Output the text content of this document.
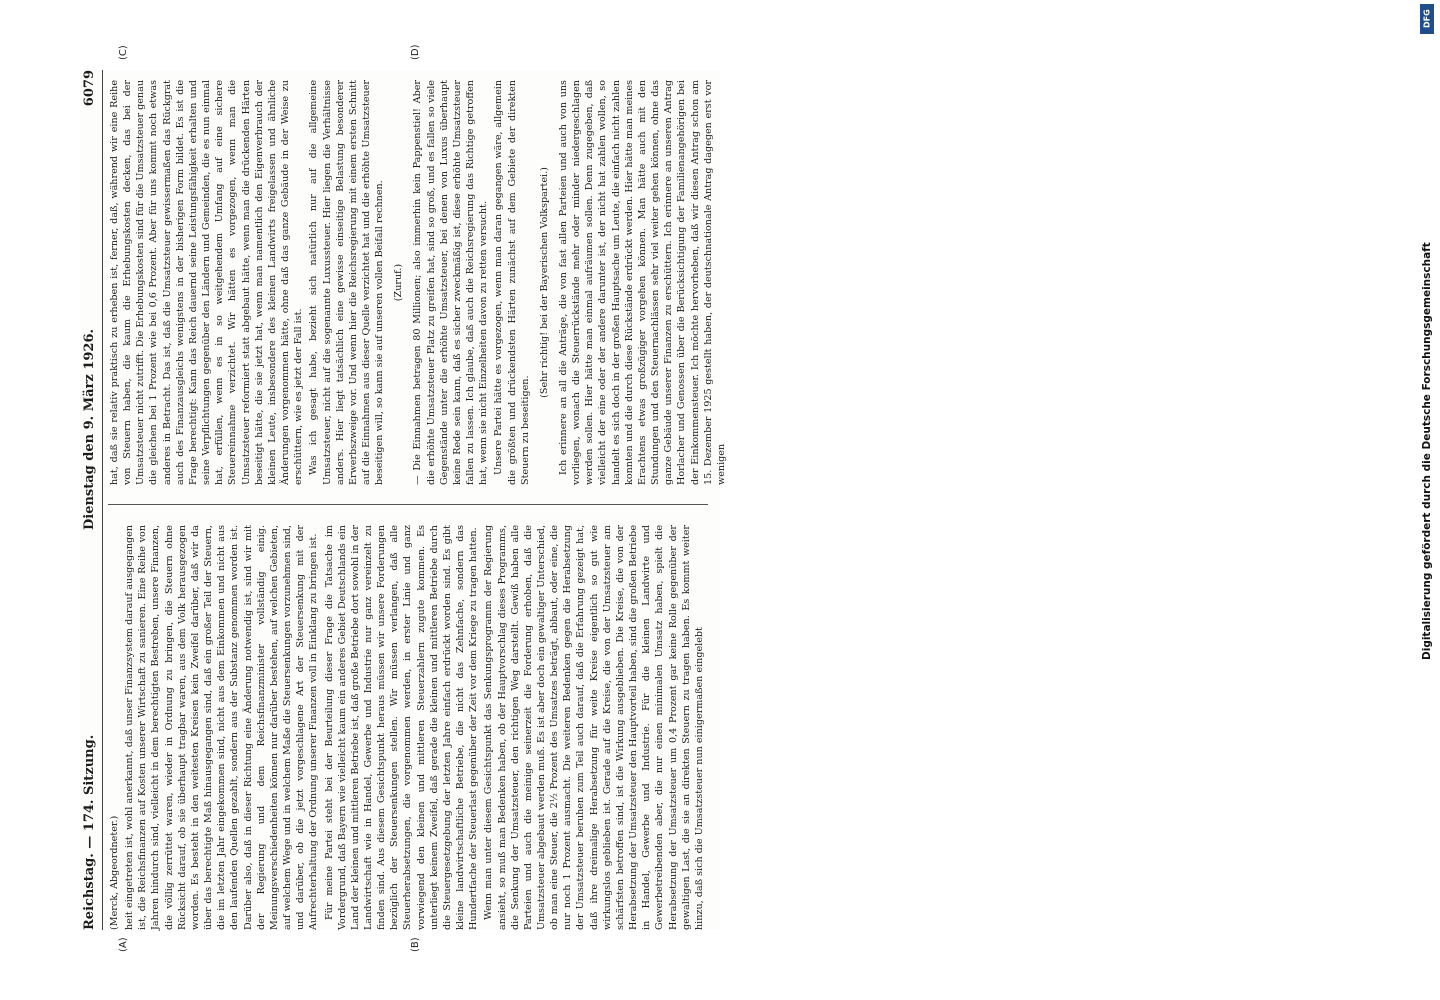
Reichstag. — 174. Sitzung.
Dienstag den 9. März 1926.
6079
(A)	(B)
(C)	(D)

(Merck, Abgeordneter.) heit eingetreten ist, wohl anerkannt, daß unser Finanzsystem darauf ausgegangen ist, die Reichsfinanzen auf Kosten unserer Wirtschaft zu sanieren. Eine Reihe von Jahren hindurch sind, vielleicht in dem berechtigten Bestreben, unsere Finanzen, die völlig zerrüttet waren, wieder in Ordnung zu bringen, die Steuern ohne Rücksicht darauf, ob sie überhaupt tragbar waren, aus dem Volk herausgezogen worden. Es besteht in den weitesten Kreisen kein Zweifel darüber, daß wir da über das berechtigte Maß hinausgegangen sind, daß ein großer Teil der Steuern, die im letzten Jahr eingekommen sind, nicht aus dem Einkommen und nicht aus den laufenden Quellen gezahlt, sondern aus der Substanz genommen worden ist. Darüber also, daß in dieser Richtung eine Änderung notwendig ist, sind wir mit der Regierung und dem Reichsfinanzminister vollständig einig. Meinungsverschiedenheiten können nur darüber bestehen, auf welchen Gebieten, auf welchem Wege und in welchem Maße die Steuersenkungen vorzunehmen sind, und darüber, ob die jetzt vorgeschlagene Art der Steuersenkung mit der Aufrechterhaltung der Ordnung unserer Finanzen voll in Einklang zu bringen ist. Für meine Partei steht bei der Beurteilung dieser Frage die Tatsache im Vordergrund, daß Bayern wie vielleicht kaum ein anderes Gebiet Deutschlands ein Land der kleinen und mittleren Betriebe ist, daß große Betriebe dort sowohl in der Landwirtschaft wie in Handel, Gewerbe und Industrie nur ganz vereinzelt zu finden sind. Aus diesem Gesichtspunkt heraus müssen wir unsere Forderungen bezüglich der Steuersenkungen stellen. Wir müssen verlangen, daß alle Steuerherabsetzungen, die vorgenommen werden, in erster Linie und ganz vorwiegend den kleinen und mittleren Steuerzahlern zugute kommen. Es unterliegt keinem Zweifel, daß gerade die kleinen und mittleren Betriebe durch die Steuergesetzgebung der letzten Jahre einfach erdrückt worden sind. Es gibt kleine landwirtschaftliche Betriebe, die nicht das Zehnfache, sondern das Hundertfache der Steuerlast gegenüber der Zeit vor dem Kriege zu tragen hatten. Wenn man unter diesem Gesichtspunkt das Senkungsprogramm der Regierung ansieht, so muß man Bedenken haben, ob der Hauptvorschlag dieses Programms, die Senkung der Umsatzsteuer, den richtigen Weg darstellt. Gewiß haben alle Parteien und auch die meinige seinerzeit die Forderung erhoben, daß die Umsatzsteuer abgebaut werden muß. Es ist aber doch ein gewaltiger Unterschied, ob man eine Steuer, die 2½ Prozent des Umsatzes beträgt, abbaut, oder eine, die nur noch 1 Prozent ausmacht. Die weiteren Bedenken gegen die Herabsetzung der Umsatzsteuer beruhen zum Teil auch darauf, daß die Erfahrung gezeigt hat, daß ihre dreimalige Herabsetzung für weite Kreise eigentlich so gut wie wirkungslos geblieben ist. Gerade auf die Kreise, die von der Umsatzsteuer am schärfsten betroffen sind, ist die Wirkung ausgeblieben. Die Kreise, die von der Herabsetzung der Umsatzsteuer den Hauptvorteil haben, sind die großen Betriebe in Handel, Gewerbe und Industrie. Für die kleinen Landwirte und Gewerbetreibenden aber, die nur einen minimalen Umsatz haben, spielt die Herabsetzung der Umsatzsteuer um 0,4 Prozent gar keine Rolle gegenüber der gewaltigen Last, die sie an direkten Steuern zu tragen haben. Es kommt weiter hinzu, daß sich die Umsatzsteuer nun einigermaßen eingelebt

hat, daß sie relativ praktisch zu erheben ist, ferner, daß, während wir eine Reihe von Steuern haben, die kaum die Erhebungskosten decken, das bei der Umsatzsteuer nicht zutrifft. Die Erhebungskosten sind für die Umsatzsteuer genau die gleichen bei 1 Prozent wie bei 0,6 Prozent. Aber für uns kommt noch etwas anderes in Betracht. Das ist, daß die Umsatzsteuer gewissermaßen das Rückgrat auch des Finanzausgleichs wenigstens in der bisherigen Form bildet. Es ist die Frage berechtigt: Kann das Reich dauernd seine Leistungsfähigkeit erhalten und seine Verpflichtungen gegenüber den Ländern und Gemeinden, die es nun einmal hat, erfüllen, wenn es in so weitgehendem Umfang auf eine sichere Steuereinnahme verzichtet. Wir hätten es vorgezogen, wenn man die Umsatzsteuer reformiert statt abgebaut hätte, wenn man die drückenden Härten beseitigt hätte, die sie jetzt hat, wenn man namentlich den Eigenverbrauch der kleinen Leute, insbesondere des kleinen Landwirts freigelassen und ähnliche Änderungen vorgenommen hätte, ohne daß das ganze Gebäude in der Weise zu erschüttern, wie es jetzt der Fall ist. Was ich gesagt habe, bezieht sich natürlich nur auf die allgemeine Umsatzsteuer, nicht auf die sogenannte Luxussteuer. Hier liegen die Verhältnisse anders. Hier liegt tatsächlich eine gewisse einseitige Belastung besonderer Erwerbszweige vor. Und wenn hier die Reichsregierung mit einem ersten Schnitt auf die Einnahmen aus dieser Quelle verzichtet hat und die erhöhte Umsatzsteuer beseitigen will, so kann sie auf unseren vollen Beifall rechnen. (Zuruf.) — Die Einnahmen betragen 80 Millionen; also immerhin kein Pappenstiel! Aber die erhöhte Umsatzsteuer Platz zu greifen hat, sind so groß, und es fallen so viele Gegenstände unter die erhöhte Umsatzsteuer, bei denen von Luxus überhaupt keine Rede sein kann, daß es sicher zweckmäßig ist, diese erhöhte Umsatzsteuer fallen zu lassen. Ich glaube, daß auch die Reichsregierung das Richtige getroffen hat, wenn sie nicht Einzelheiten davon zu retten versucht. Unsere Partei hätte es vorgezogen, wenn man daran gegangen wäre, allgemein die größten und drückendsten Härten zunächst auf dem Gebiete der direkten Steuern zu beseitigen.

(Sehr richtig! bei der Bayerischen Volkspartei.) Ich erinnere an all die Anträge, die von fast allen Parteien und auch von uns vorliegen, wonach die Steuerrückstände mehr oder minder niedergeschlagen werden sollen. Hier hätte man einmal aufräumen sollen. Denn zugegeben, daß vielleicht der eine oder der andere darunter ist, der nicht hat zahlen wollen, so handelt es sich doch in der großen Hauptsache um Leute, die einfach nicht zahlen konnten und die durch diese Rückstände erdrückt werden. Hier hätte man meines Erachtens etwas großzügiger vorgehen können. Man hätte auch mit den Stundungen und den Steuernachlässen sehr viel weiter gehen können, ohne das ganze Gebäude unserer Finanzen zu erschüttern. Ich erinnere an unseren Antrag Horlacher und Genossen über die Berücksichtigung der Familienangehörigen bei der Einkommensteuer. Ich möchte hervorheben, daß wir diesen Antrag schon am 15. Dezember 1925 gestellt haben, der deutschnationale Antrag dagegen erst vor wenigen

DFG
Digitalisierung gefördert durch die Deutsche Forschungsgemeinschaft
